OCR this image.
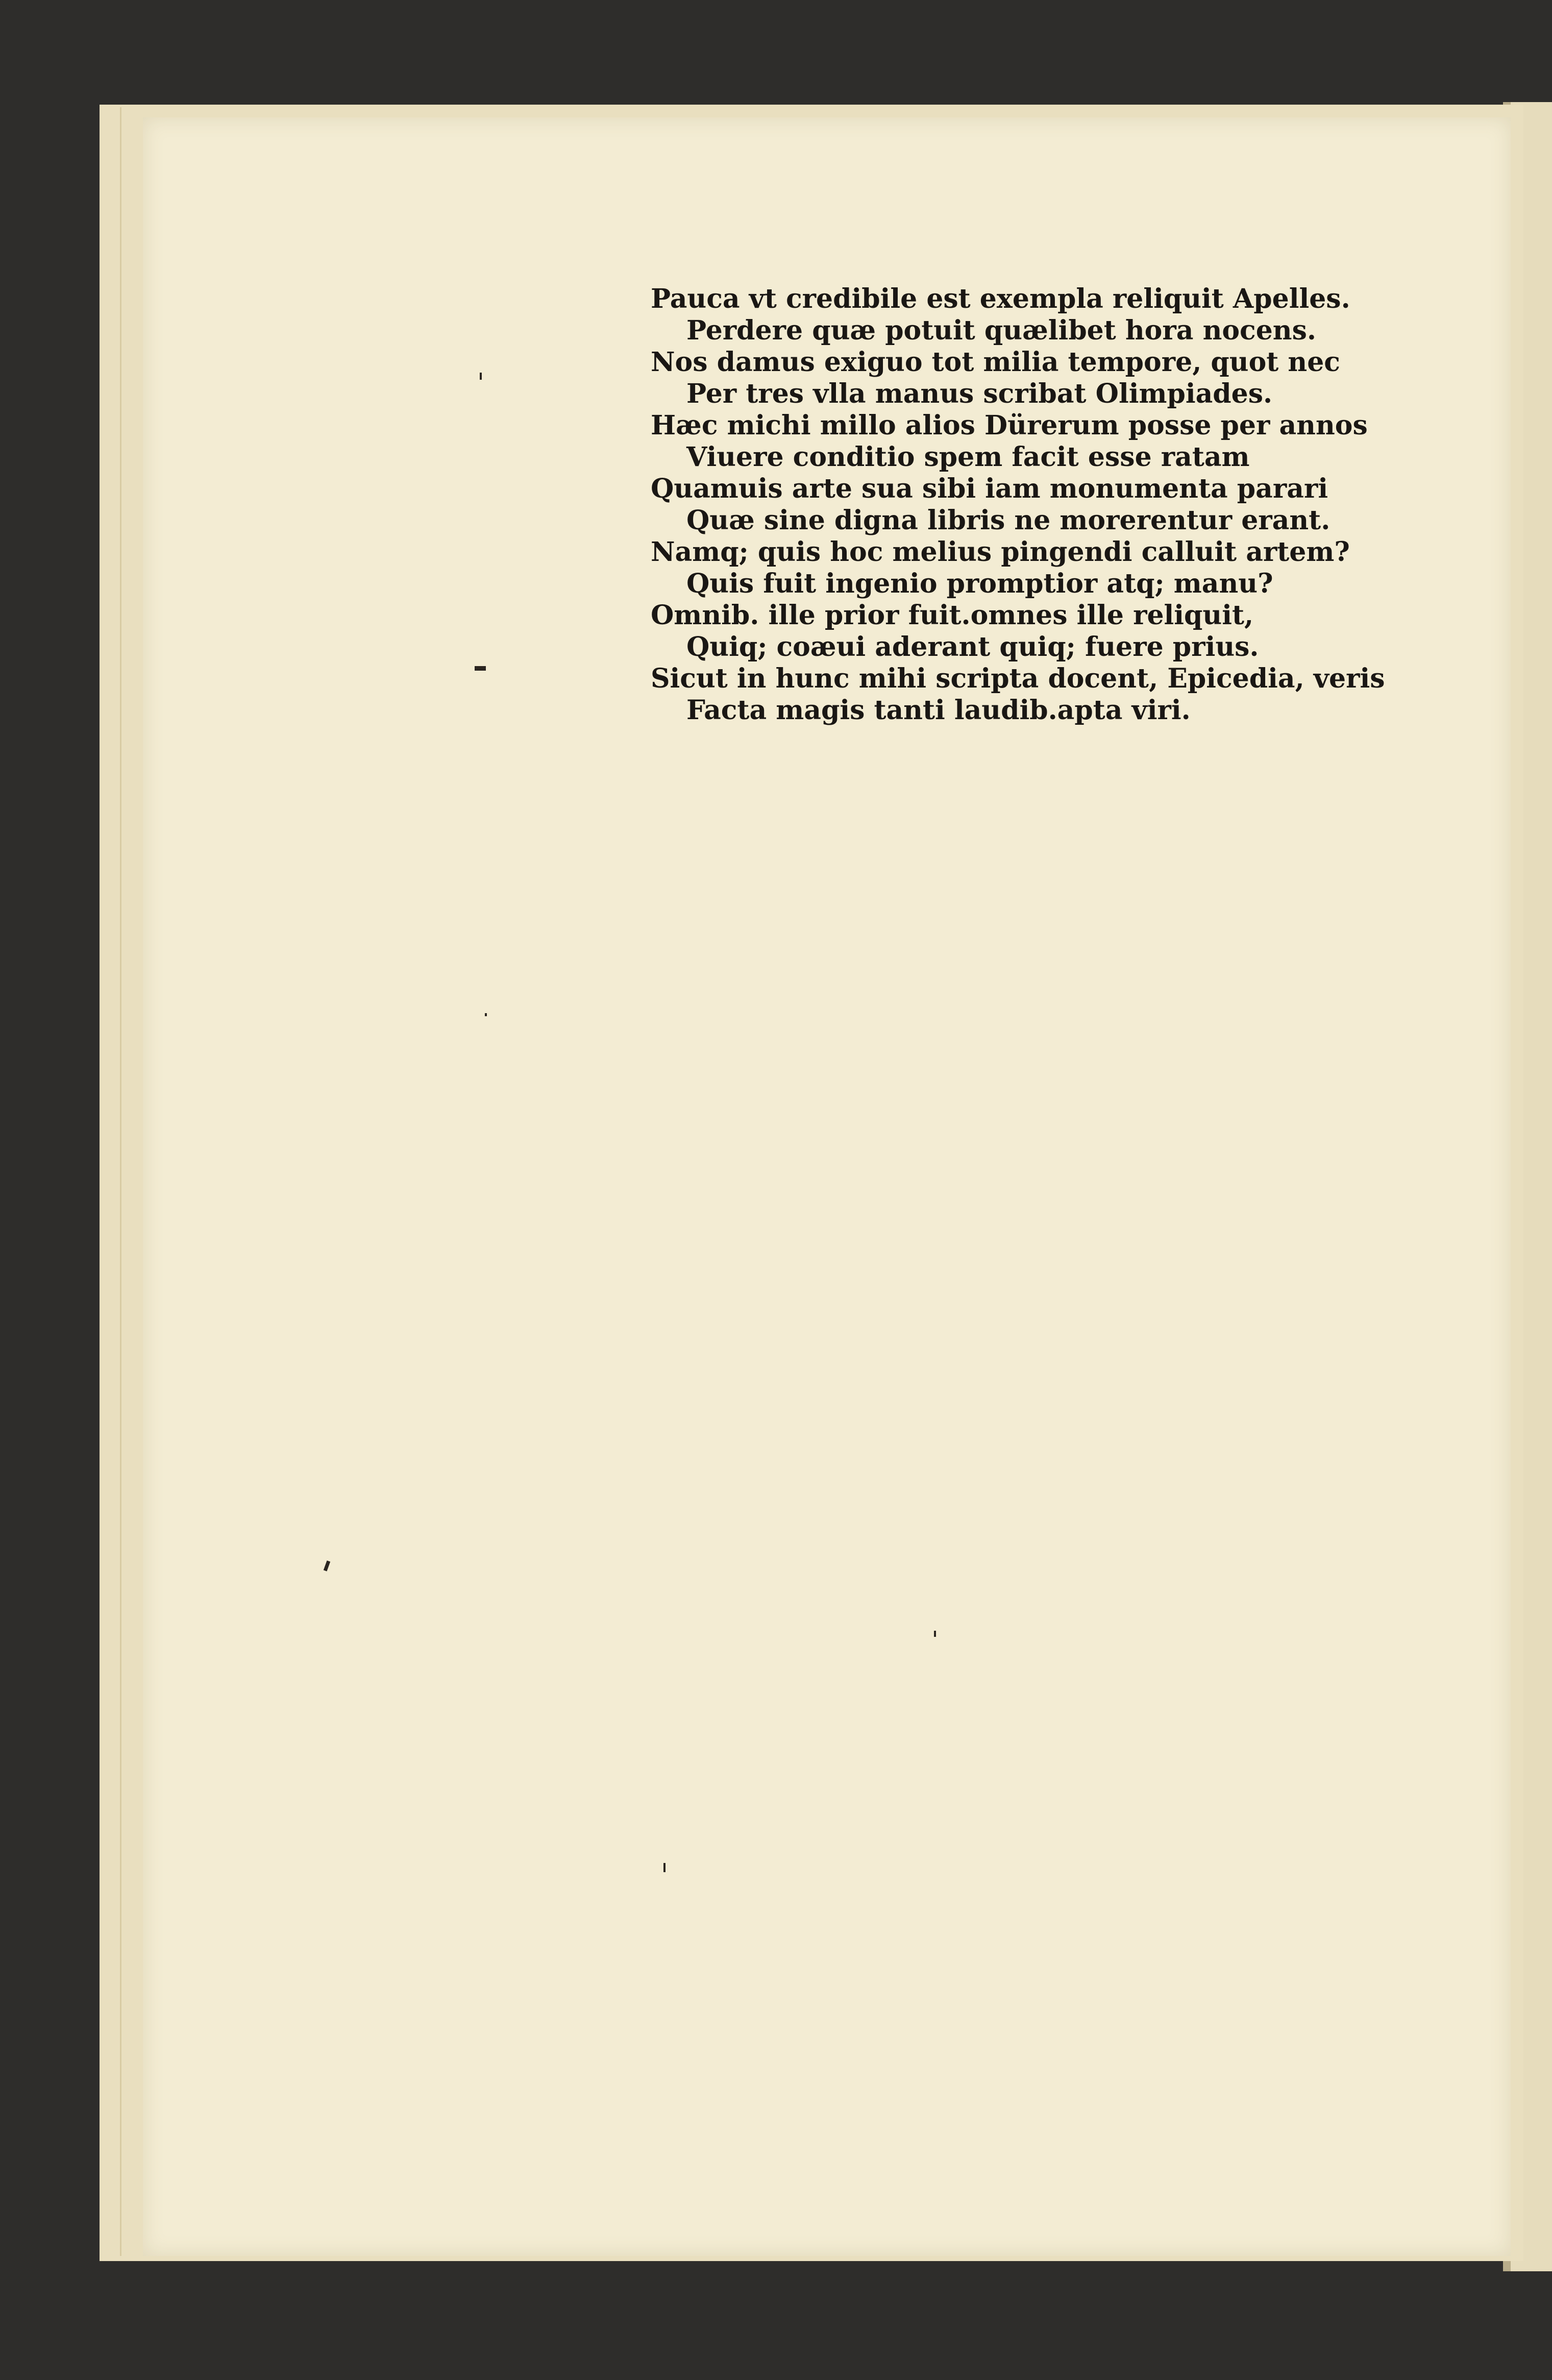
Pauca vt credibile est exempla reliquit Apelles.
Perdere quæ potuit quælibet hora nocens.
Nos damus exiguo tot milia tempore, quot nec
Per tres vlla manus scribat Olimpiades.
Hæc michi millo alios Dürerum posse per annos
Viuere conditio spem facit esse ratam
Quamuis arte sua sibi iam monumenta parari
Quæ sine digna libris ne morerentur erant.
Namq; quis hoc melius pingendi calluit artem?
Quis fuit ingenio promptior atq; manu?
Omnib. ille prior fuit.omnes ille reliquit,
Quiq; coæui aderant quiq; fuere prius.
Sicut in hunc mihi scripta docent, Epicedia, veris
Facta magis tanti laudib.apta viri.
